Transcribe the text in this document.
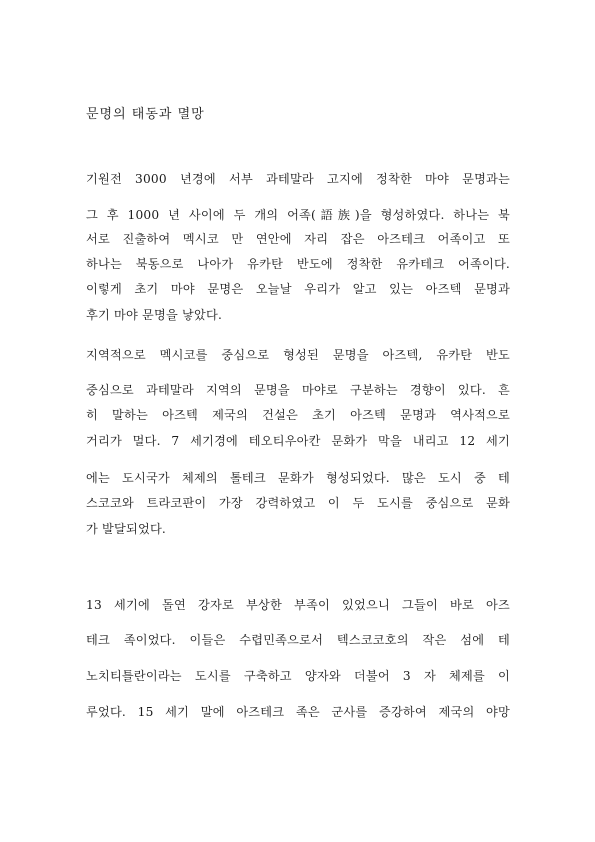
문명의 태동과 멸망
기원전 3000 년경에 서부 과테말라 고지에 정착한 마야 문명과는
그 후 1000 년 사이에 두 개의 어족(語族)을 형성하였다. 하나는 북
서로 진출하여 멕시코 만 연안에 자리 잡은 아즈테크 어족이고 또
하나는 북동으로 나아가 유카탄 반도에 정착한 유카테크 어족이다.
이렇게 초기 마야 문명은 오늘날 우리가 알고 있는 아즈텍 문명과
후기 마야 문명을 낳았다.
지역적으로 멕시코를 중심으로 형성된 문명을 아즈텍, 유카탄 반도
중심으로 과테말라 지역의 문명을 마야로 구분하는 경향이 있다. 흔
히 말하는 아즈텍 제국의 건설은 초기 아즈텍 문명과 역사적으로
거리가 멀다. 7 세기경에 테오티우아칸 문화가 막을 내리고 12 세기
에는 도시국가 체제의 톨테크 문화가 형성되었다. 많은 도시 중 테
스코코와 트라코판이 가장 강력하였고 이 두 도시를 중심으로 문화
가 발달되었다.
13 세기에 돌연 강자로 부상한 부족이 있었으니 그들이 바로 아즈
테크 족이었다. 이들은 수렵민족으로서 텍스코코호의 작은 섬에 테
노치티틀란이라는 도시를 구축하고 양자와 더불어 3 자 체제를 이
루었다. 15 세기 말에 아즈테크 족은 군사를 증강하여 제국의 야망
